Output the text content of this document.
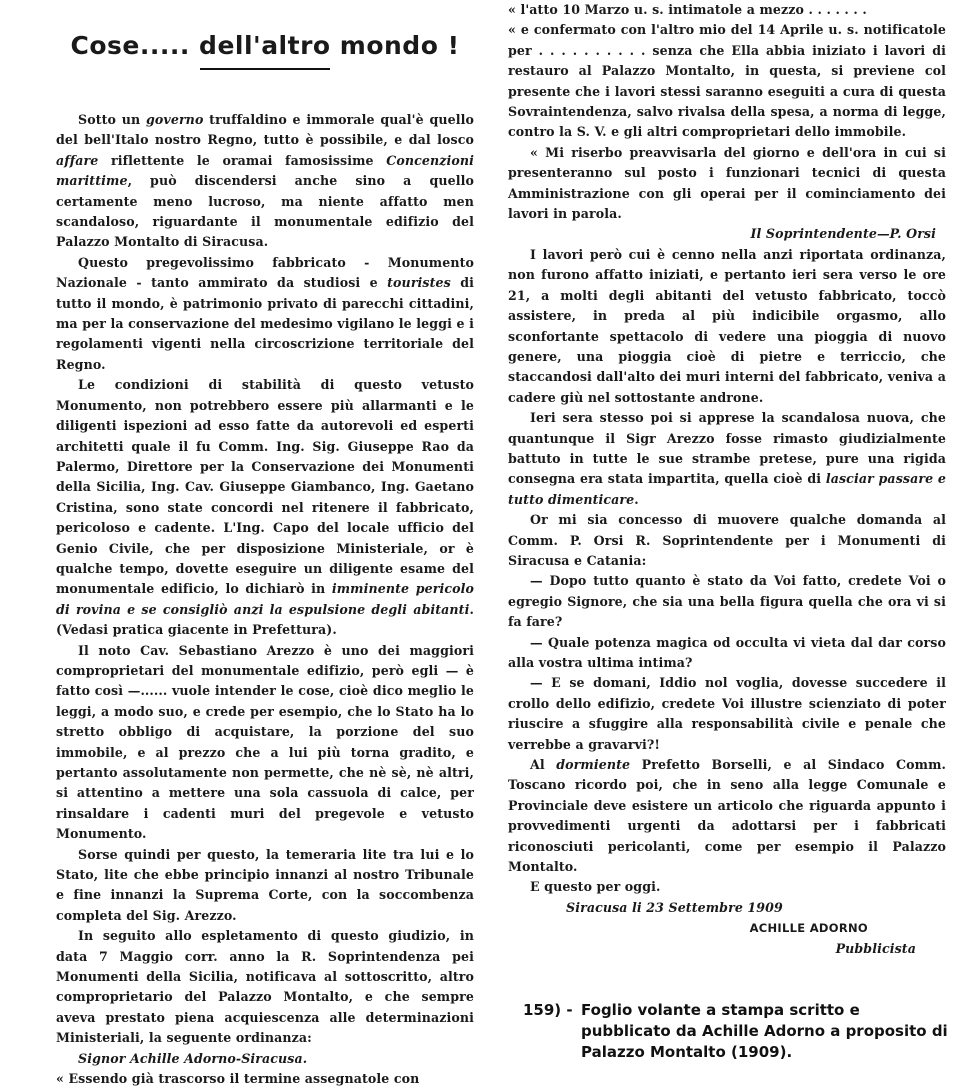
Cose..... dell'altro mondo !

Sotto un governo truffaldino e immorale qual'è quello del bell'Italo nostro Regno, tutto è possibile, e dal losco affare riflettente le oramai famosissime Concenzioni marittime, può discendersi anche sino a quello certamente meno lucroso, ma niente affatto men scandaloso, riguardante il monumentale edifizio del Palazzo Montalto di Siracusa.

Questo pregevolissimo fabbricato - Monumento Nazionale - tanto ammirato da studiosi e touristes di tutto il mondo, è patrimonio privato di parecchi cittadini, ma per la conservazione del medesimo vigilano le leggi e i regolamenti vigenti nella circoscrizione territoriale del Regno.

Le condizioni di stabilità di questo vetusto Monumento, non potrebbero essere più allarmanti e le diligenti ispezioni ad esso fatte da autorevoli ed esperti architetti quale il fu Comm. Ing. Sig. Giuseppe Rao da Palermo, Direttore per la Conservazione dei Monumenti della Sicilia, Ing. Cav. Giuseppe Giambanco, Ing. Gaetano Cristina, sono state concordi nel ritenere il fabbricato, pericoloso e cadente. L'Ing. Capo del locale ufficio del Genio Civile, che per disposizione Ministeriale, or è qualche tempo, dovette eseguire un diligente esame del monumentale edificio, lo dichiarò in imminente pericolo di rovina e se consigliò anzi la espulsione degli abitanti. (Vedasi pratica giacente in Prefettura).

Il noto Cav. Sebastiano Arezzo è uno dei maggiori comproprietari del monumentale edifizio, però egli — è fatto così —...... vuole intender le cose, cioè dico meglio le leggi, a modo suo, e crede per esempio, che lo Stato ha lo stretto obbligo di acquistare, la porzione del suo immobile, e al prezzo che a lui più torna gradito, e pertanto assolutamente non permette, che nè sè, nè altri, si attentino a mettere una sola cassuola di calce, per rinsaldare i cadenti muri del pregevole e vetusto Monumento.

Sorse quindi per questo, la temeraria lite tra lui e lo Stato, lite che ebbe principio innanzi al nostro Tribunale e fine innanzi la Suprema Corte, con la soccombenza completa del Sig. Arezzo.

In seguito allo espletamento di questo giudizio, in data 7 Maggio corr. anno la R. Soprintendenza pei Monumenti della Sicilia, notificava al sottoscritto, altro comproprietario del Palazzo Montalto, e che sempre aveva prestato piena acquiescenza alle determinazioni Ministeriali, la seguente ordinanza:

Signor Achille Adorno-Siracusa.

« Essendo già trascorso il termine assegnatole con

« l'atto 10 Marzo u. s. intimatole a mezzo . . . . . . .

« e confermato con l'altro mio del 14 Aprile u. s. notificatole per . . . . . . . . . . senza che Ella abbia iniziato i lavori di restauro al Palazzo Montalto, in questa, si previene col presente che i lavori stessi saranno eseguiti a cura di questa Sovraintendenza, salvo rivalsa della spesa, a norma di legge, contro la S. V. e gli altri comproprietari dello immobile.

« Mi riserbo preavvisarla del giorno e dell'ora in cui si presenteranno sul posto i funzionari tecnici di questa Amministrazione con gli operai per il cominciamento dei lavori in parola.

Il Soprintendente—P. Orsi

I lavori però cui è cenno nella anzi riportata ordinanza, non furono affatto iniziati, e pertanto ieri sera verso le ore 21, a molti degli abitanti del vetusto fabbricato, toccò assistere, in preda al più indicibile orgasmo, allo sconfortante spettacolo di vedere una pioggia di nuovo genere, una pioggia cioè di pietre e terriccio, che staccandosi dall'alto dei muri interni del fabbricato, veniva a cadere giù nel sottostante androne.

Ieri sera stesso poi si apprese la scandalosa nuova, che quantunque il Sigr Arezzo fosse rimasto giudizialmente battuto in tutte le sue strambe pretese, pure una rigida consegna era stata impartita, quella cioè di lasciar passare e tutto dimenticare.

Or mi sia concesso di muovere qualche domanda al Comm. P. Orsi R. Soprintendente per i Monumenti di Siracusa e Catania:

— Dopo tutto quanto è stato da Voi fatto, credete Voi o egregio Signore, che sia una bella figura quella che ora vi si fa fare?

— Quale potenza magica od occulta vi vieta dal dar corso alla vostra ultima intima?

— E se domani, Iddio nol voglia, dovesse succedere il crollo dello edifizio, credete Voi illustre scienziato di poter riuscire a sfuggire alla responsabilità civile e penale che verrebbe a gravarvi?!

Al dormiente Prefetto Borselli, e al Sindaco Comm. Toscano ricordo poi, che in seno alla legge Comunale e Provinciale deve esistere un articolo che riguarda appunto i provvedimenti urgenti da adottarsi per i fabbricati riconosciuti pericolanti, come per esempio il Palazzo Montalto.

E questo per oggi.

Siracusa li 23 Settembre 1909

ACHILLE ADORNO

Pubblicista

159) - Foglio volante a stampa scritto e pubblicato da Achille Adorno a proposito di Palazzo Montalto (1909).
